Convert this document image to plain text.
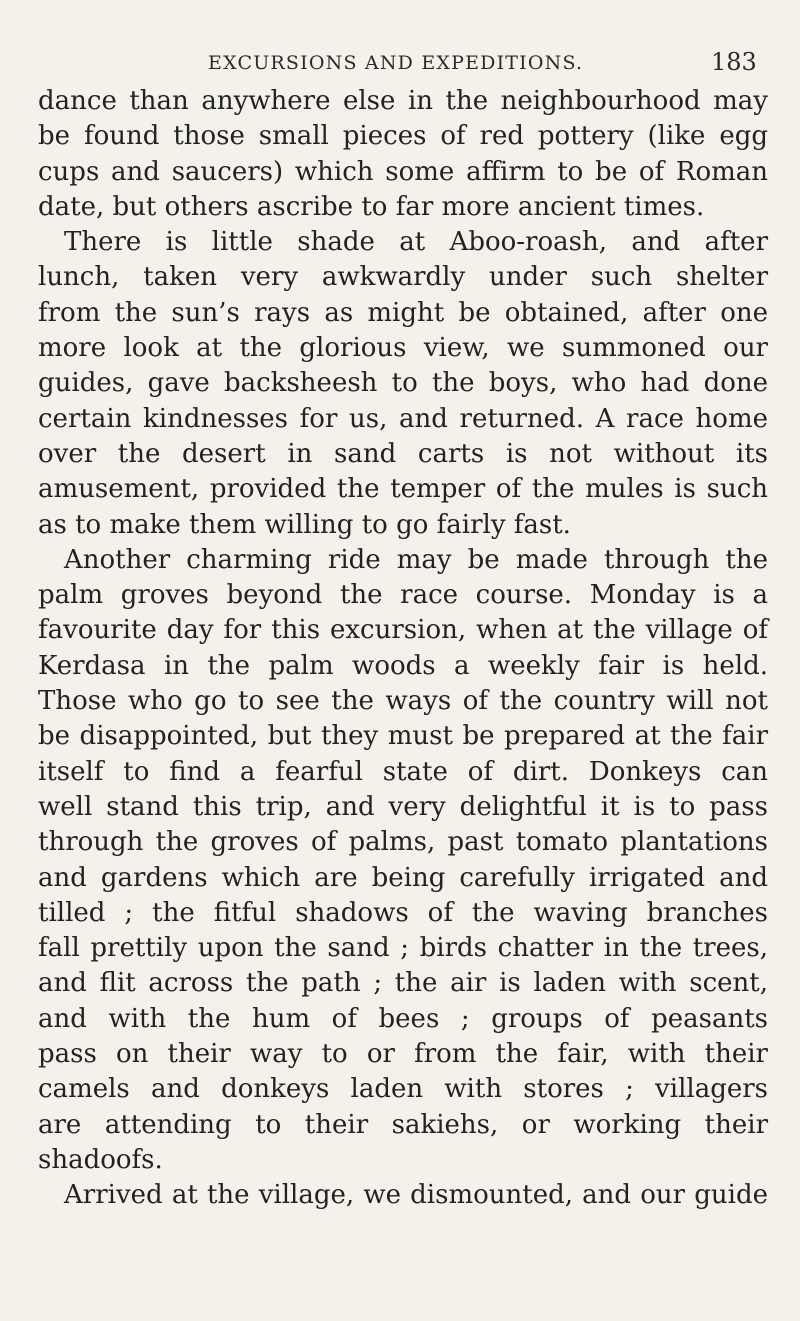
EXCURSIONS AND EXPEDITIONS.	183
dance than anywhere else in the neighbourhood may
be found those small pieces of red pottery (like egg
cups and saucers) which some affirm to be of Roman
date, but others ascribe to far more ancient times.
There is little shade at Aboo-roash, and after
lunch, taken very awkwardly under such shelter
from the sun’s rays as might be obtained, after one
more look at the glorious view, we summoned our
guides, gave backsheesh to the boys, who had done
certain kindnesses for us, and returned. A race home
over the desert in sand carts is not without its
amusement, provided the temper of the mules is such
as to make them willing to go fairly fast.
Another charming ride may be made through the
palm groves beyond the race course. Monday is a
favourite day for this excursion, when at the village of
Kerdasa in the palm woods a weekly fair is held.
Those who go to see the ways of the country will not
be disappointed, but they must be prepared at the fair
itself to find a fearful state of dirt. Donkeys can
well stand this trip, and very delightful it is to pass
through the groves of palms, past tomato plantations
and gardens which are being carefully irrigated and
tilled ; the fitful shadows of the waving branches
fall prettily upon the sand ; birds chatter in the trees,
and flit across the path ; the air is laden with scent,
and with the hum of bees ; groups of peasants
pass on their way to or from the fair, with their
camels and donkeys laden with stores ; villagers
are attending to their sakiehs, or working their
shadoofs.
Arrived at the village, we dismounted, and our guide
